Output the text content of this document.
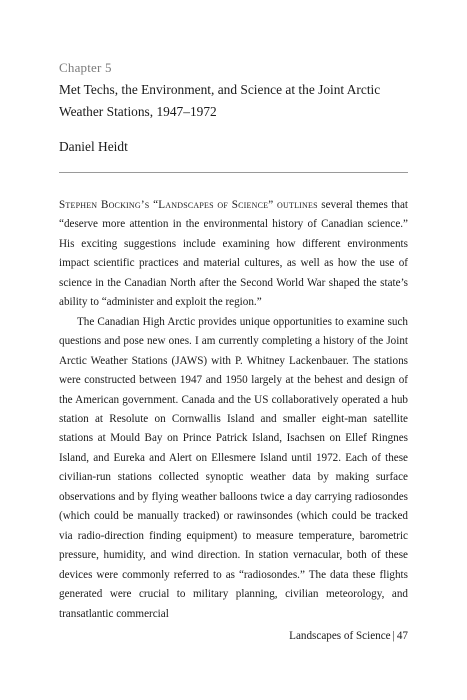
Chapter 5
Met Techs, the Environment, and Science at the Joint Arctic
Weather Stations, 1947–1972
Daniel Heidt

Stephen Bocking’s “Landscapes of Science” outlines several themes that “deserve more attention in the environmental history of Canadian science.” His exciting suggestions include examining how different environments impact scientific practices and material cultures, as well as how the use of science in the Canadian North after the Second World War shaped the state’s ability to “administer and exploit the region.”

The Canadian High Arctic provides unique opportunities to examine such questions and pose new ones. I am currently completing a history of the Joint Arctic Weather Stations (JAWS) with P. Whitney Lackenbauer. The stations were constructed between 1947 and 1950 largely at the behest and design of the American government. Canada and the US collaboratively operated a hub station at Resolute on Cornwallis Island and smaller eight-man satellite stations at Mould Bay on Prince Patrick Island, Isachsen on Ellef Ringnes Island, and Eureka and Alert on Ellesmere Island until 1972. Each of these civilian-run stations collected synoptic weather data by making surface observations and by flying weather balloons twice a day carrying radiosondes (which could be manually tracked) or rawinsondes (which could be tracked via radio-direction finding equipment) to measure temperature, barometric pressure, humidity, and wind direction. In station vernacular, both of these devices were commonly referred to as “radiosondes.” The data these flights generated were crucial to military planning, civilian meteorology, and transatlantic commercial

Landscapes of Science | 47
